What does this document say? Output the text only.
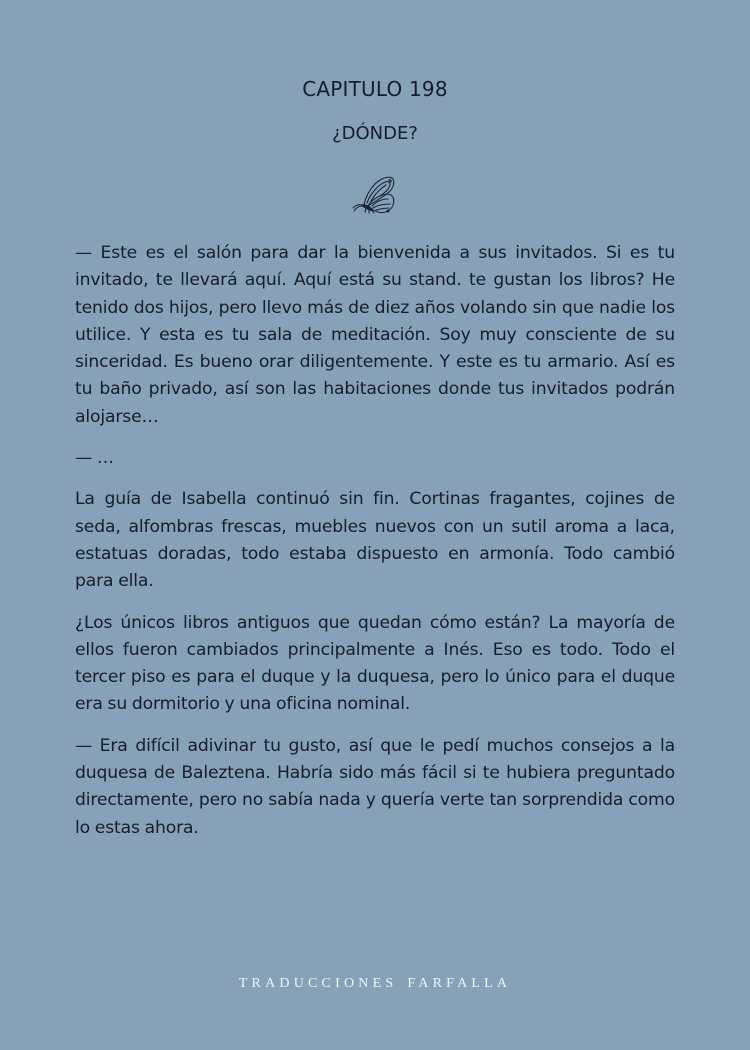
CAPITULO 198
¿DÓNDE?

— Este es el salón para dar la bienvenida a sus invitados. Si es tu invitado, te llevará aquí. Aquí está su stand. te gustan los libros? He tenido dos hijos, pero llevo más de diez años volando sin que nadie los utilice. Y esta es tu sala de meditación. Soy muy consciente de su sinceridad. Es bueno orar diligentemente. Y este es tu armario. Así es tu baño privado, así son las habitaciones donde tus invitados podrán alojarse…

— …

La guía de Isabella continuó sin fin. Cortinas fragantes, cojines de seda, alfombras frescas, muebles nuevos con un sutil aroma a laca, estatuas doradas, todo estaba dispuesto en armonía. Todo cambió para ella.

¿Los únicos libros antiguos que quedan cómo están? La mayoría de ellos fueron cambiados principalmente a Inés. Eso es todo. Todo el tercer piso es para el duque y la duquesa, pero lo único para el duque era su dormitorio y una oficina nominal.

— Era difícil adivinar tu gusto, así que le pedí muchos consejos a la duquesa de Baleztena. Habría sido más fácil si te hubiera preguntado directamente, pero no sabía nada y quería verte tan sorprendida como lo estas ahora.

TRADUCCIONES FARFALLA
